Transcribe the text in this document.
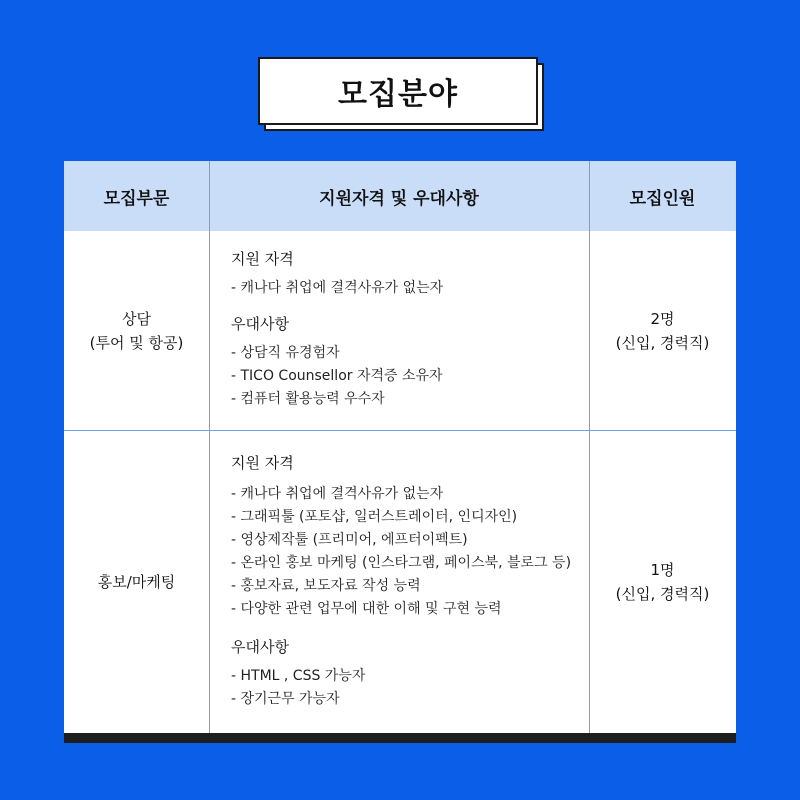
모집분야
모집부문	지원자격 및 우대사항	모집인원
상담
(투어 및 항공)
지원 자격
- 캐나다 취업에 결격사유가 없는자
우대사항
- 상담직 유경험자
- TICO Counsellor 자격증 소유자
- 컴퓨터 활용능력 우수자
2명
(신입, 경력직)
홍보/마케팅
지원 자격
- 캐나다 취업에 결격사유가 없는자
- 그래픽툴 (포토샵, 일러스트레이터, 인디자인)
- 영상제작툴 (프리미어, 에프터이펙트)
- 온라인 홍보 마케팅 (인스타그램, 페이스북, 블로그 등)
- 홍보자료, 보도자료 작성 능력
- 다양한 관련 업무에 대한 이해 및 구현 능력
우대사항
- HTML , CSS 가능자
- 장기근무 가능자
1명
(신입, 경력직)
